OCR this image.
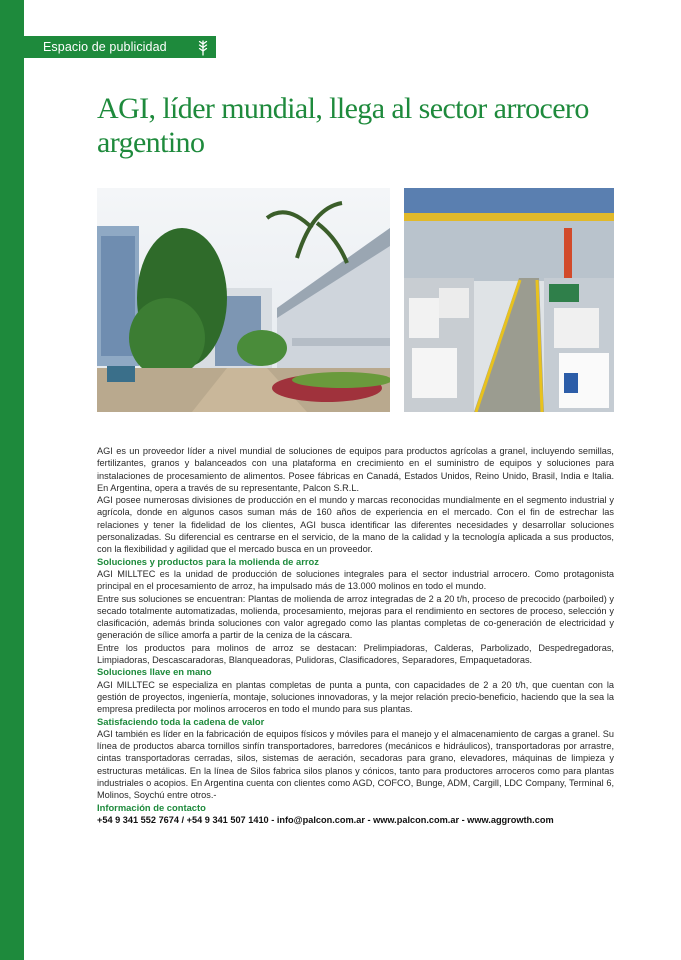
Espacio de publicidad
AGI, líder mundial, llega al sector arrocero argentino

AGI es un proveedor líder a nivel mundial de soluciones de equipos para productos agrícolas a granel, incluyendo semillas, fertilizantes, granos y balanceados con una plataforma en crecimiento en el suministro de equipos y soluciones para instalaciones de procesamiento de alimentos. Posee fábricas en Canadá, Estados Unidos, Reino Unido, Brasil, India e Italia. En Argentina, opera a través de su representante, Palcon S.R.L.

AGI posee numerosas divisiones de producción en el mundo y marcas reconocidas mundialmente en el segmento industrial y agrícola, donde en algunos casos suman más de 160 años de experiencia en el mercado. Con el fin de estrechar las relaciones y tener la fidelidad de los clientes, AGI busca identificar las diferentes necesidades y desarrollar soluciones personalizadas. Su diferencial es centrarse en el servicio, de la mano de la calidad y la tecnología aplicada a sus productos, con la flexibilidad y agilidad que el mercado busca en un proveedor.

Soluciones y productos para la molienda de arroz

AGI MILLTEC es la unidad de producción de soluciones integrales para el sector industrial arrocero. Como protagonista principal en el procesamiento de arroz, ha impulsado más de 13.000 molinos en todo el mundo.

Entre sus soluciones se encuentran: Plantas de molienda de arroz integradas de 2 a 20 t/h, proceso de precocido (parboiled) y secado totalmente automatizadas, molienda, procesamiento, mejoras para el rendimiento en sectores de proceso, selección y clasificación, además brinda soluciones con valor agregado como las plantas completas de co-generación de electricidad y generación de sílice amorfa a partir de la ceniza de la cáscara.

Entre los productos para molinos de arroz se destacan: Prelimpiadoras, Calderas, Parbolizado, Despedregadoras, Limpiadoras, Descascaradoras, Blanqueadoras, Pulidoras, Clasificadores, Separadores, Empaquetadoras.

Soluciones llave en mano

AGI MILLTEC se especializa en plantas completas de punta a punta, con capacidades de 2 a 20 t/h, que cuentan con la gestión de proyectos, ingeniería, montaje, soluciones innovadoras, y la mejor relación precio-beneficio, haciendo que la sea la empresa predilecta por molinos arroceros en todo el mundo para sus plantas.

Satisfaciendo toda la cadena de valor

AGI también es líder en la fabricación de equipos físicos y móviles para el manejo y el almacenamiento de cargas a granel. Su línea de productos abarca tornillos sinfín transportadores, barredores (mecánicos e hidráulicos), transportadoras por arrastre, cintas transportadoras cerradas, silos, sistemas de aeración, secadoras para grano, elevadores, máquinas de limpieza y estructuras metálicas. En la línea de Silos fabrica silos planos y cónicos, tanto para productores arroceros como para plantas industriales o acopios. En Argentina cuenta con clientes como AGD, COFCO, Bunge, ADM, Cargill, LDC Company, Terminal 6, Molinos, Soychú entre otros.-

Información de contacto

+54 9 341 552 7674 / +54 9 341 507 1410 - info@palcon.com.ar - www.palcon.com.ar - www.aggrowth.com
